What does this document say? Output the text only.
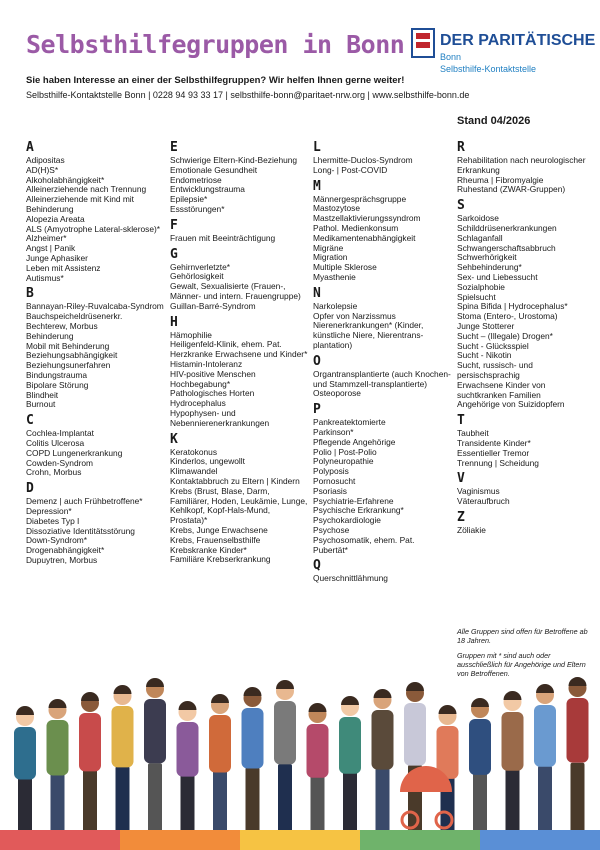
Selbsthilfegruppen in Bonn DER PARITÄTISCHE
Bonn
Selbsthilfe-Kontaktstelle
Sie haben Interesse an einer der Selbsthilfegruppen? Wir helfen Ihnen gerne weiter!
Selbsthilfe-Kontaktstelle Bonn | 0228 94 93 33 17 | selbsthilfe-bonn@paritaet-nrw.org | www.selbsthilfe-bonn.de
Stand 04/2026
A
Adipositas
AD(H)S*
Alkoholabhängigkeit*
Alleinerziehende nach Trennung
Alleinerziehende mit Kind mit Behinderung
Alopezia Areata
ALS (Amyotrophe Lateral-sklerose)*
Alzheimer*
Angst | Panik
Junge Aphasiker
Leben mit Assistenz
Autismus*
B
Bannayan-Riley-Ruvalcaba-Syndrom
Bauchspeicheldrüsenerkr.
Bechterew, Morbus
Behinderung
Mobil mit Behinderung
Beziehungsabhängigkeit
Beziehungsunerfahren
Bindungstrauma
Bipolare Störung
Blindheit
Burnout
C
Cochlea-Implantat
Colitis Ulcerosa
COPD Lungenerkrankung
Cowden-Syndrom
Crohn, Morbus
D
Demenz | auch Frühbetroffene*
Depression*
Diabetes Typ I
Dissoziative Identitätsstörung
Down-Syndrom*
Drogenabhängigkeit*
Dupuytren, Morbus
E
Schwierige Eltern-Kind-Beziehung
Emotionale Gesundheit
Endometriose
Entwicklungstrauma
Epilepsie*
Essstörungen*
F
Frauen mit Beeinträchtigung
G
Gehirnverletzte*
Gehörlosigkeit
Gewalt, Sexualisierte (Frauen-, Männer- und intern. Frauengruppe)
Guillan-Barré-Syndrom
H
Hämophilie
Heiligenfeld-Klinik, ehem. Pat.
Herzkranke Erwachsene und Kinder*
Histamin-Intoleranz
HIV-positive Menschen
Hochbegabung*
Pathologisches Horten
Hydrocephalus
Hypophysen- und Nebennierenerkrankungen
K
Keratokonus
Kinderlos, ungewollt
Klimawandel
Kontaktabbruch zu Eltern | Kindern
Krebs (Brust, Blase, Darm, Familiärer, Hoden, Leukämie, Lunge, Kehlkopf, Kopf-Hals-Mund, Prostata)*
Krebs, Junge Erwachsene
Krebs, Frauenselbsthilfe
Krebskranke Kinder*
Familiäre Krebserkrankung
L
Lhermitte-Duclos-Syndrom
Long- | Post-COVID
M
Männergesprächsgruppe
Mastozytose
Mastzellaktivierungssyndrom
Pathol. Medienkonsum
Medikamentenabhängigkeit
Migräne
Migration
Multiple Sklerose
Myasthenie
N
Narkolepsie
Opfer von Narzissmus
Nierenerkrankungen* (Kinder, künstliche Niere, Nierentrans-plantation)
O
Organtransplantierte (auch Knochen- und Stammzell-transplantierte)
Osteoporose
P
Pankreatektomierte
Parkinson*
Pflegende Angehörige
Polio | Post-Polio
Polyneuropathie
Polyposis
Pornosucht
Psoriasis
Psychiatrie-Erfahrene
Psychische Erkrankung*
Psychokardiologie
Psychose
Psychosomatik, ehem. Pat.
Pubertät*
Q
Querschnittlähmung
R
Rehabilitation nach neurologischer Erkrankung
Rheuma | Fibromyalgie
Ruhestand (ZWAR-Gruppen)
S
Sarkoidose
Schilddrüsenerkrankungen
Schlaganfall
Schwangerschaftsabbruch
Schwerhörigkeit
Sehbehinderung*
Sex- und Liebessucht
Sozialphobie
Spielsucht
Spina Bifida | Hydrocephalus*
Stoma (Entero-, Urostoma)
Junge Stotterer
Sucht – (Illegale) Drogen*
Sucht - Glücksspiel
Sucht - Nikotin
Sucht, russisch- und persischsprachig
Erwachsene Kinder von suchtkranken Familien
Angehörige von Suizidopfern
T
Taubheit
Transidente Kinder*
Essentieller Tremor
Trennung | Scheidung
V
Vaginismus
Väteraufbruch
Z
Zöliakie

Alle Gruppen sind offen für Betroffene ab 18 Jahren.

Gruppen mit * sind auch oder ausschließlich für Angehörige und Eltern von Betroffenen.
